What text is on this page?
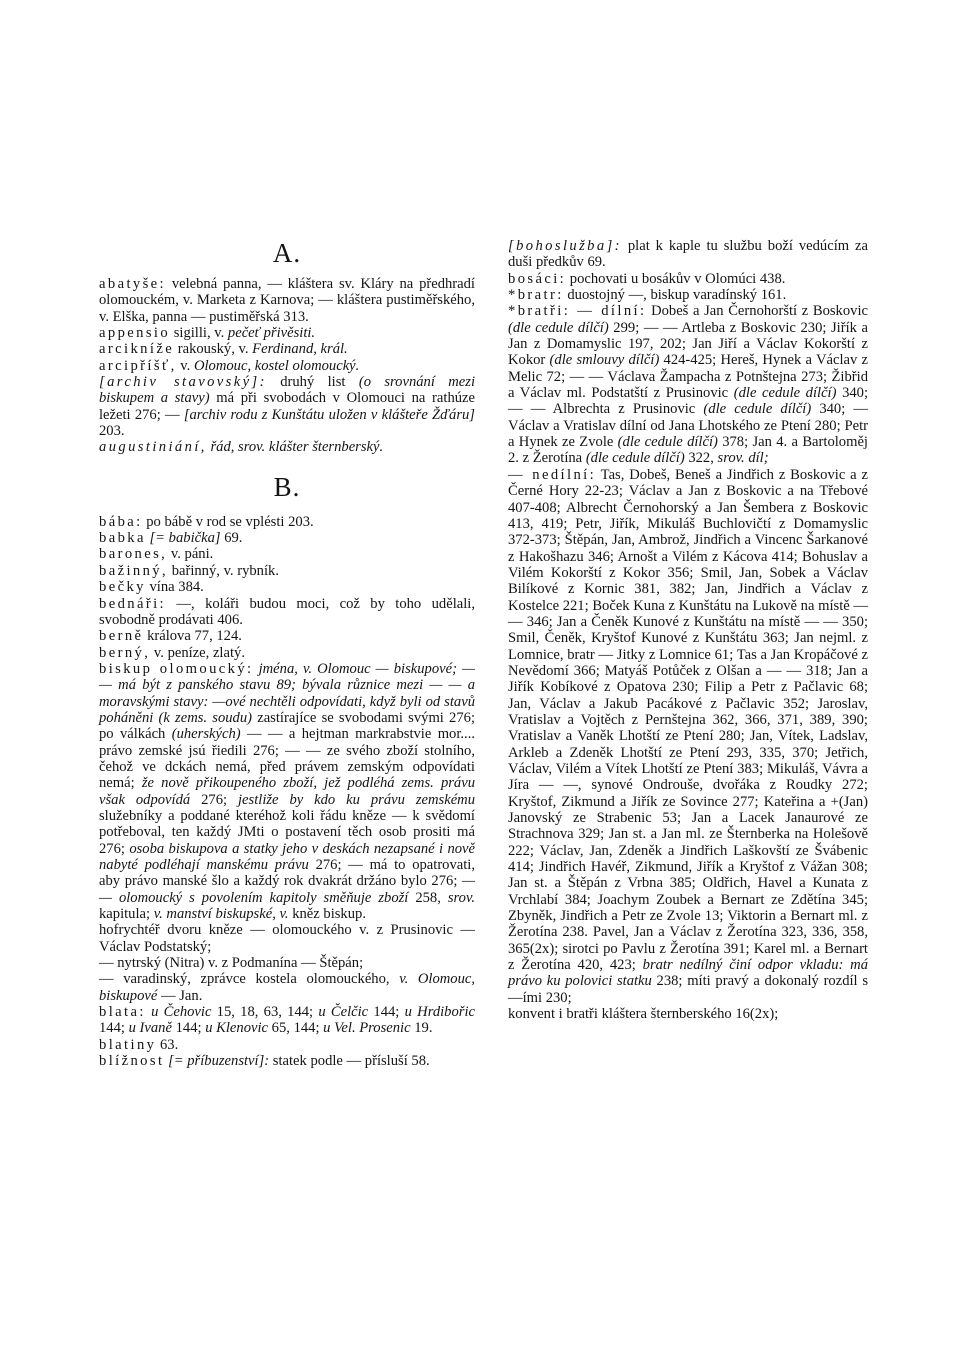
A.

abatyše: velebná panna, — kláštera sv. Kláry na předhradí olomouckém, v. Marketa z Karnova; — kláštera pustiměřského, v. Elška, panna — pustiměřská 313.

appensio sigilli, v. pečeť přivěsiti.

arcikníže rakouský, v. Ferdinand, král.

arcipříšť, v. Olomouc, kostel olomoucký.

[archiv stavovský]: druhý list (o srovnání mezi biskupem a stavy) má při svobodách v Olomouci na rathúze ležeti 276; — [archiv rodu z Kunštátu uložen v klášteře Žďáru] 203.

augustiniání, řád, srov. klášter šternberský.

B.

bába: po bábě v rod se vplésti 203.

babka [= babička] 69.

barones, v. páni.

bažinný, bařinný, v. rybník.

bečky vína 384.

bednáři: —, koláři budou moci, což by toho udělali, svobodně prodávati 406.

berně králova 77, 124.

berný, v. peníze, zlatý.

biskup olomoucký: jména, v. Olomouc — biskupové; — — má být z panského stavu 89; bývala různice mezi — — a moravskými stavy: —ové nechtěli odpovídati, když byli od stavů poháněni (k zems. soudu) zastírajíce se svobodami svými 276; po válkách (uherských) — — a hejtman markrabstvie mor.... právo zemské jsú řiedili 276; — — ze svého zboží stolního, čehož ve dckách nemá, před právem zemským odpovídati nemá; že nově přikoupeného zboží, jež podléhá zems. právu však odpovídá 276; jestliže by kdo ku právu zemskému služebníky a poddané kteréhož koli řádu kněze — k svědomí potřeboval, ten každý JMti o postavení těch osob prositi má 276; osoba biskupova a statky jeho v deskách nezapsané i nově nabyté podléhají manskému právu 276; — má to opatrovati, aby právo manské šlo a každý rok dvakrát držáno bylo 276; — — olomoucký s povolením kapitoly směňuje zboží 258, srov. kapitula; v. manství biskupské, v. kněz biskup.

hofrychtéř dvoru kněze — olomouckého v. z Prusinovic — Václav Podstatský;

— nytrský (Nitra) v. z Podmanína — Štěpán;

— varadinský, zprávce kostela olomouckého, v. Olomouc, biskupové — Jan.

blata: u Čehovic 15, 18, 63, 144; u Čelčic 144; u Hrdibořic 144; u Ivaně 144; u Klenovic 65, 144; u Vel. Prosenic 19.

blatiny 63.

blížnost [= příbuzenství]: statek podle — přísluší 58.

[bohoslužba]: plat k kaple tu službu boží vedúcím za duši předkův 69.

bosáci: pochovati u bosákův v Olomúci 438.

*bratr: duostojný —, biskup varadínský 161.

*bratři: — dílní: Dobeš a Jan Černohorští z Boskovic (dle cedule dílčí) 299; — — Artleba z Boskovic 230; Jiřík a Jan z Domamyslic 197, 202; Jan Jiří a Václav Kokorští z Kokor (dle smlouvy dílčí) 424-425; Hereš, Hynek a Václav z Melic 72; — — Václava Žampacha z Potnštejna 273; Žibřid a Václav ml. Podstatští z Prusinovic (dle cedule dílčí) 340; — — Albrechta z Prusinovic (dle cedule dílčí) 340; — Václav a Vratislav dílní od Jana Lhotského ze Ptení 280; Petr a Hynek ze Zvole (dle cedule dílčí) 378; Jan 4. a Bartoloměj 2. z Žerotína (dle cedule dílčí) 322, srov. díl;

— nedílní: Tas, Dobeš, Beneš a Jindřich z Boskovic a z Černé Hory 22-23; Václav a Jan z Boskovic a na Třebové 407-408; Albrecht Černohorský a Jan Šembera z Boskovic 413, 419; Petr, Jiřík, Mikuláš Buchlovičtí z Domamyslic 372-373; Štěpán, Jan, Ambrož, Jindřich a Vincenc Šarkanové z Hakošhazu 346; Arnošt a Vilém z Kácova 414; Bohuslav a Vilém Kokorští z Kokor 356; Smil, Jan, Sobek a Václav Bilíkové z Kornic 381, 382; Jan, Jindřich a Václav z Kostelce 221; Boček Kuna z Kunštátu na Lukově na místě — — 346; Jan a Čeněk Kunové z Kunštátu na místě — — 350; Smil, Čeněk, Kryštof Kunové z Kunštátu 363; Jan nejml. z Lomnice, bratr — Jitky z Lomnice 61; Tas a Jan Kropáčové z Nevědomí 366; Matyáš Potůček z Olšan a — — 318; Jan a Jiřík Kobíkové z Opatova 230; Filip a Petr z Pačlavic 68; Jan, Václav a Jakub Pacákové z Pačlavic 352; Jaroslav, Vratislav a Vojtěch z Pernštejna 362, 366, 371, 389, 390; Vratislav a Vaněk Lhotští ze Ptení 280; Jan, Vítek, Ladslav, Arkleb a Zdeněk Lhotští ze Ptení 293, 335, 370; Jetřich, Václav, Vilém a Vítek Lhotští ze Ptení 383; Mikuláš, Vávra a Jíra — —, synové Ondroušе, dvořáka z Roudky 272; Kryštof, Zikmund a Jiřík ze Sovince 277; Kateřina a +(Jan) Janovský ze Strabenic 53; Jan a Lacek Janaurové ze Strachnova 329; Jan st. a Jan ml. ze Šternberka na Holešově 222; Václav, Jan, Zdeněk a Jindřich Laškovští ze Švábenic 414; Jindřich Havéř, Zikmund, Jiřík a Kryštof z Vážan 308; Jan st. a Štěpán z Vrbna 385; Oldřich, Havel a Kunata z Vrchlabí 384; Joachym Zoubek a Bernart ze Zdětína 345; Zbyněk, Jindřich a Petr ze Zvole 13; Viktorin a Bernart ml. z Žerotína 238. Pavel, Jan a Václav z Žerotína 323, 336, 358, 365(2x); sirotci po Pavlu z Žerotína 391; Karel ml. a Bernart z Žerotína 420, 423; bratr nedílný činí odpor vkladu: má právo ku polovici statku 238; míti pravý a dokonalý rozdíl s —ími 230;

konvent i bratři kláštera šternberského 16(2x);
